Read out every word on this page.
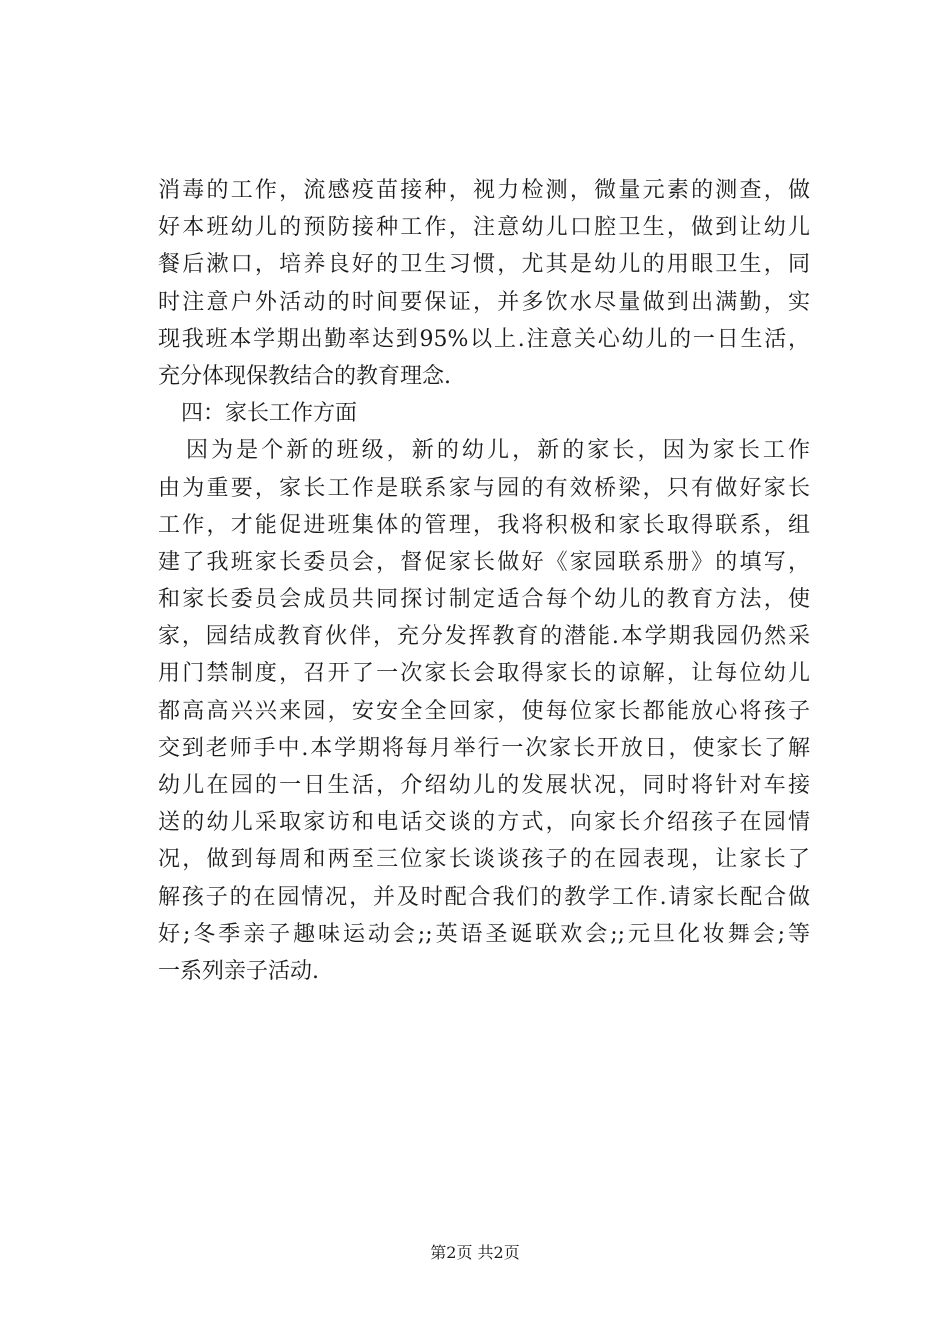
消毒的工作，流感疫苗接种，视力检测，微量元素的测查，做
好本班幼儿的预防接种工作，注意幼儿口腔卫生，做到让幼儿
餐后漱口，培养良好的卫生习惯，尤其是幼儿的用眼卫生，同
时注意户外活动的时间要保证，并多饮水尽量做到出满勤，实
现我班本学期出勤率达到95%以上.注意关心幼儿的一日生活，
充分体现保教结合的教育理念.
四：家长工作方面
因为是个新的班级，新的幼儿，新的家长，因为家长工作
由为重要，家长工作是联系家与园的有效桥梁，只有做好家长
工作，才能促进班集体的管理，我将积极和家长取得联系，组
建了我班家长委员会，督促家长做好《家园联系册》的填写，
和家长委员会成员共同探讨制定适合每个幼儿的教育方法，使
家，园结成教育伙伴，充分发挥教育的潜能.本学期我园仍然采
用门禁制度，召开了一次家长会取得家长的谅解，让每位幼儿
都高高兴兴来园，安安全全回家，使每位家长都能放心将孩子
交到老师手中.本学期将每月举行一次家长开放日，使家长了解
幼儿在园的一日生活，介绍幼儿的发展状况，同时将针对车接
送的幼儿采取家访和电话交谈的方式，向家长介绍孩子在园情
况，做到每周和两至三位家长谈谈孩子的在园表现，让家长了
解孩子的在园情况，并及时配合我们的教学工作.请家长配合做
好;冬季亲子趣味运动会;;英语圣诞联欢会;;元旦化妆舞会;等
一系列亲子活动.
第2页 共2页
